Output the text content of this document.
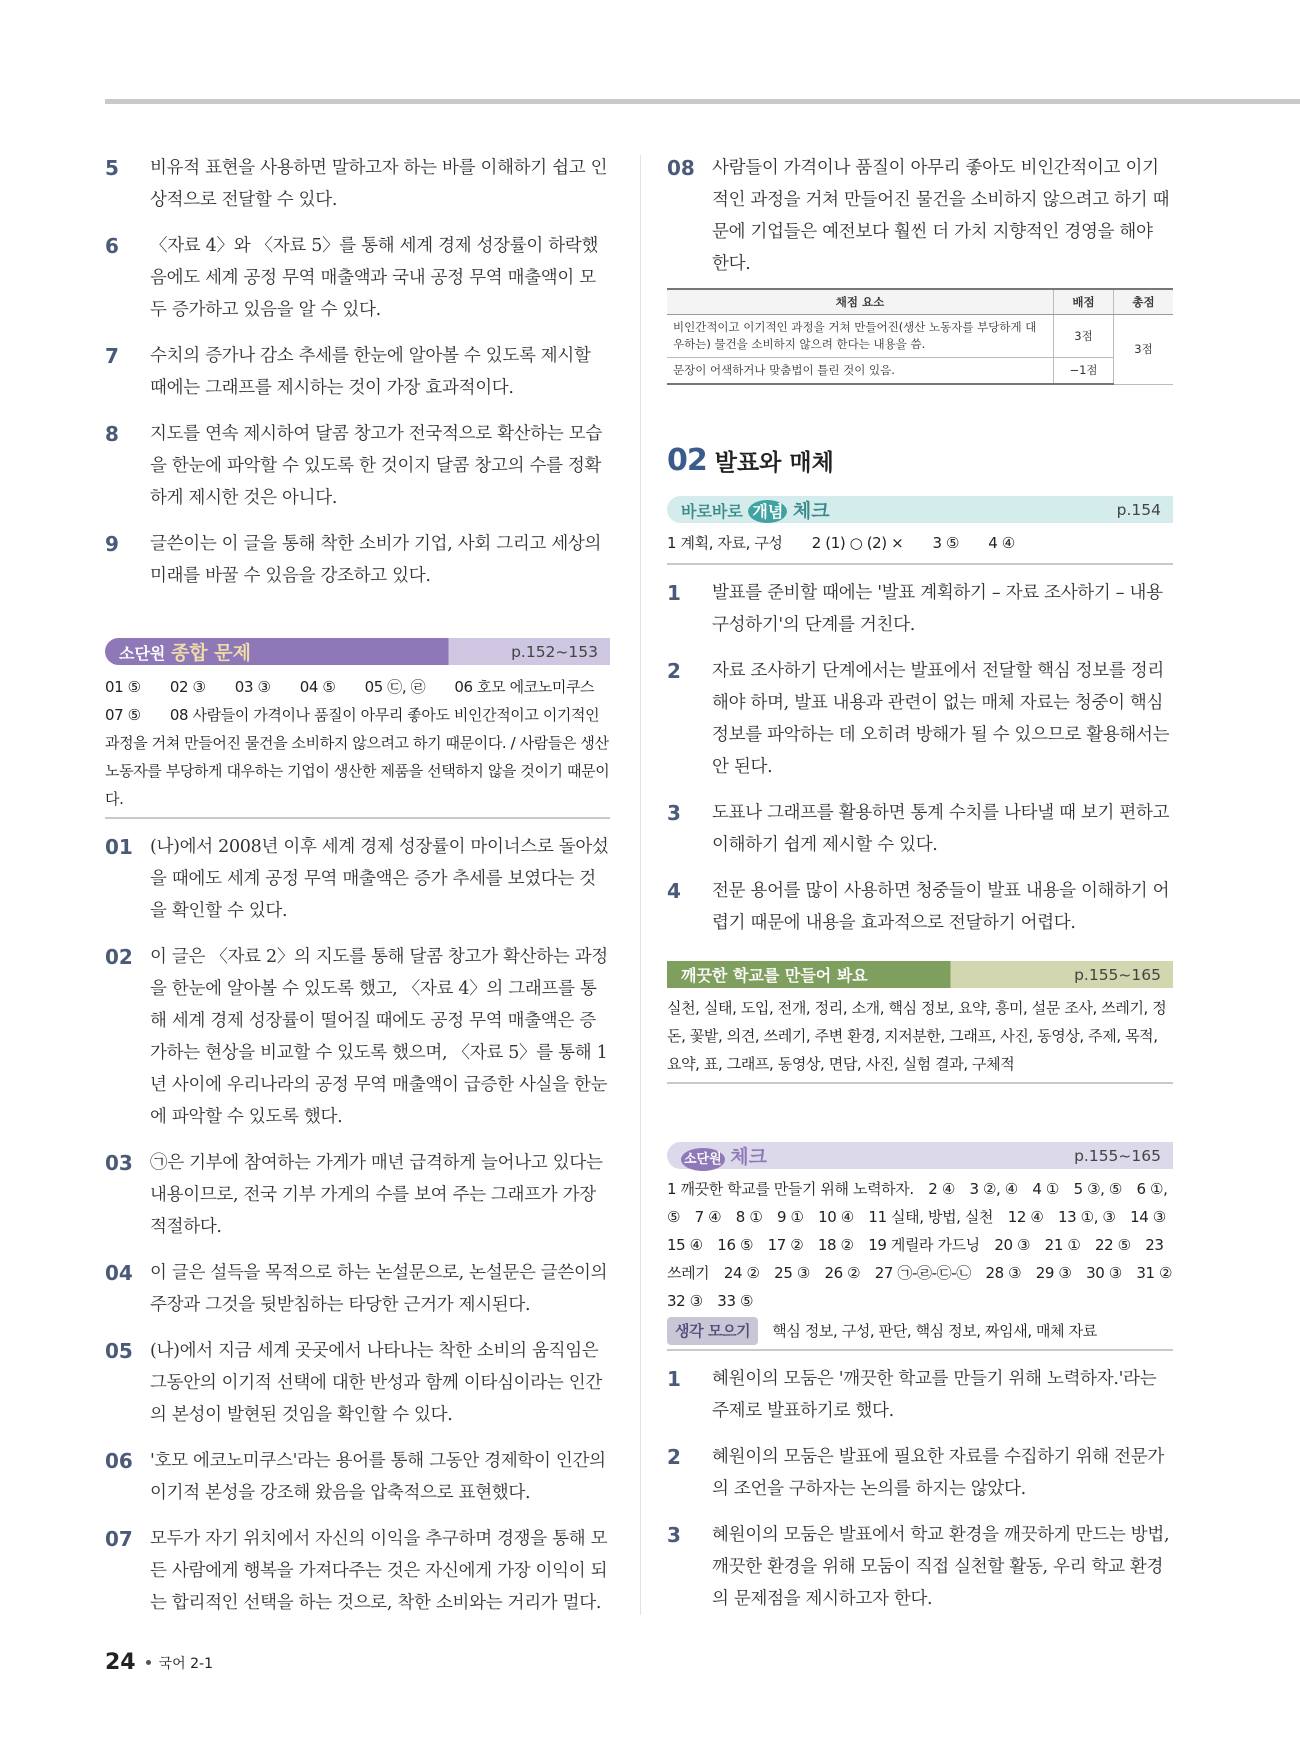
5	비유적 표현을 사용하면 말하고자 하는 바를 이해하기 쉽고 인상적으로 전달할 수 있다.
6	〈자료 4〉와 〈자료 5〉를 통해 세계 경제 성장률이 하락했음에도 세계 공정 무역 매출액과 국내 공정 무역 매출액이 모두 증가하고 있음을 알 수 있다.
7	수치의 증가나 감소 추세를 한눈에 알아볼 수 있도록 제시할 때에는 그래프를 제시하는 것이 가장 효과적이다.
8	지도를 연속 제시하여 달콤 창고가 전국적으로 확산하는 모습을 한눈에 파악할 수 있도록 한 것이지 달콤 창고의 수를 정확하게 제시한 것은 아니다.
9	글쓴이는 이 글을 통해 착한 소비가 기업, 사회 그리고 세상의 미래를 바꿀 수 있음을 강조하고 있다.
소단원 종합 문제	p.152~153
01 ⑤　　02 ③　　03 ③　　04 ⑤　　05 ㉢, ㉣　　06 호모 에코노미쿠스　07 ⑤　　08 사람들이 가격이나 품질이 아무리 좋아도 비인간적이고 이기적인 과정을 거쳐 만들어진 물건을 소비하지 않으려고 하기 때문이다. / 사람들은 생산 노동자를 부당하게 대우하는 기업이 생산한 제품을 선택하지 않을 것이기 때문이다.
01 (나)에서 2008년 이후 세계 경제 성장률이 마이너스로 돌아섰을 때에도 세계 공정 무역 매출액은 증가 추세를 보였다는 것을 확인할 수 있다.
02 이 글은 〈자료 2〉의 지도를 통해 달콤 창고가 확산하는 과정을 한눈에 알아볼 수 있도록 했고, 〈자료 4〉의 그래프를 통해 세계 경제 성장률이 떨어질 때에도 공정 무역 매출액은 증가하는 현상을 비교할 수 있도록 했으며, 〈자료 5〉를 통해 1년 사이에 우리나라의 공정 무역 매출액이 급증한 사실을 한눈에 파악할 수 있도록 했다.
03 ㉠은 기부에 참여하는 가게가 매년 급격하게 늘어나고 있다는 내용이므로, 전국 기부 가게의 수를 보여 주는 그래프가 가장 적절하다.
04 이 글은 설득을 목적으로 하는 논설문으로, 논설문은 글쓴이의 주장과 그것을 뒷받침하는 타당한 근거가 제시된다.
05 (나)에서 지금 세계 곳곳에서 나타나는 착한 소비의 움직임은 그동안의 이기적 선택에 대한 반성과 함께 이타심이라는 인간의 본성이 발현된 것임을 확인할 수 있다.
06 '호모 에코노미쿠스'라는 용어를 통해 그동안 경제학이 인간의 이기적 본성을 강조해 왔음을 압축적으로 표현했다.
07 모두가 자기 위치에서 자신의 이익을 추구하며 경쟁을 통해 모든 사람에게 행복을 가져다주는 것은 자신에게 가장 이익이 되는 합리적인 선택을 하는 것으로, 착한 소비와는 거리가 멀다.
08 사람들이 가격이나 품질이 아무리 좋아도 비인간적이고 이기적인 과정을 거쳐 만들어진 물건을 소비하지 않으려고 하기 때문에 기업들은 예전보다 훨씬 더 가치 지향적인 경영을 해야 한다.
채점 요소	배점	총점
비인간적이고 이기적인 과정을 거쳐 만들어진(생산 노동자를 부당하게 대우하는) 물건을 소비하지 않으려 한다는 내용을 씀.	3점	3점
문장이 어색하거나 맞춤법이 틀린 것이 있음.	−1점	
02 발표와 매체
바로바로 개념 체크	p.154
1 계획, 자료, 구성　　2 (1) ○ (2) ×　　3 ⑤　　4 ④
1	발표를 준비할 때에는 '발표 계획하기 – 자료 조사하기 – 내용 구성하기'의 단계를 거친다.
2	자료 조사하기 단계에서는 발표에서 전달할 핵심 정보를 정리해야 하며, 발표 내용과 관련이 없는 매체 자료는 청중이 핵심 정보를 파악하는 데 오히려 방해가 될 수 있으므로 활용해서는 안 된다.
3	도표나 그래프를 활용하면 통계 수치를 나타낼 때 보기 편하고 이해하기 쉽게 제시할 수 있다.
4	전문 용어를 많이 사용하면 청중들이 발표 내용을 이해하기 어렵기 때문에 내용을 효과적으로 전달하기 어렵다.
깨끗한 학교를 만들어 봐요	p.155~165
실천, 실태, 도입, 전개, 정리, 소개, 핵심 정보, 요약, 흥미, 설문 조사, 쓰레기, 정돈, 꽃밭, 의견, 쓰레기, 주변 환경, 지저분한, 그래프, 사진, 동영상, 주제, 목적, 요약, 표, 그래프, 동영상, 면담, 사진, 실험 결과, 구체적
소단원 체크	p.155~165
1 깨끗한 학교를 만들기 위해 노력하자.　2 ④　3 ②, ④　4 ①　5 ③, ⑤　6 ①, ⑤　7 ④　8 ①　9 ①　10 ④　11 실태, 방법, 실천　12 ④　13 ①, ③　14 ③　15 ④　16 ⑤　17 ②　18 ②　19 게릴라 가드닝　20 ③　21 ①　22 ⑤　23 쓰레기　24 ②　25 ③　26 ②　27 ㉠-㉣-㉢-㉡　28 ③　29 ③　30 ③　31 ②　32 ③　33 ⑤
생각 모으기 핵심 정보, 구성, 판단, 핵심 정보, 짜임새, 매체 자료
1	혜원이의 모둠은 '깨끗한 학교를 만들기 위해 노력하자.'라는 주제로 발표하기로 했다.
2	혜원이의 모둠은 발표에 필요한 자료를 수집하기 위해 전문가의 조언을 구하자는 논의를 하지는 않았다.
3	혜원이의 모둠은 발표에서 학교 환경을 깨끗하게 만드는 방법, 깨끗한 환경을 위해 모둠이 직접 실천할 활동, 우리 학교 환경의 문제점을 제시하고자 한다.
24 국어 2-1
